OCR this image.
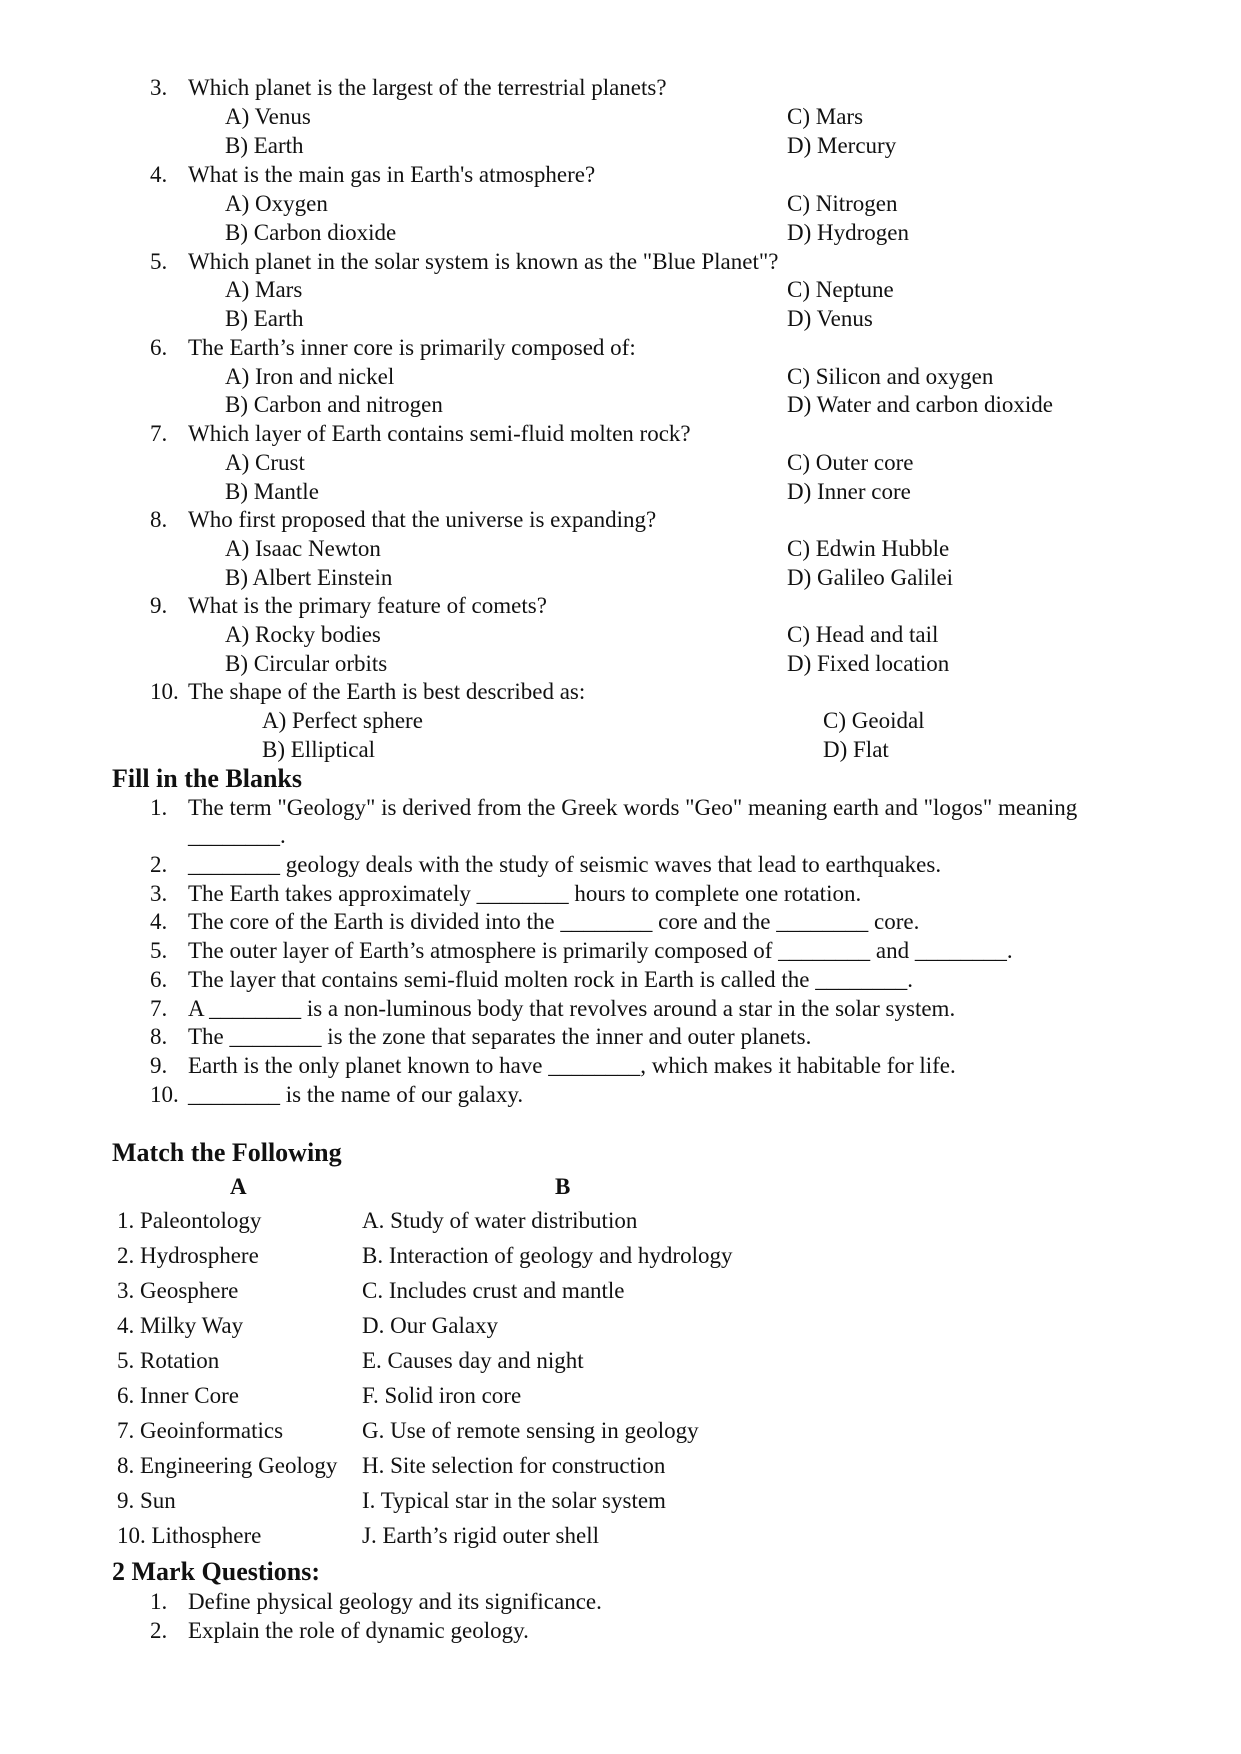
3. Which planet is the largest of the terrestrial planets?
A) Venus	C) Mars
B) Earth	D) Mercury
4. What is the main gas in Earth's atmosphere?
A) Oxygen	C) Nitrogen
B) Carbon dioxide	D) Hydrogen
5. Which planet in the solar system is known as the "Blue Planet"?
A) Mars	C) Neptune
B) Earth	D) Venus
6. The Earth’s inner core is primarily composed of:
A) Iron and nickel	C) Silicon and oxygen
B) Carbon and nitrogen	D) Water and carbon dioxide
7. Which layer of Earth contains semi-fluid molten rock?
A) Crust	C) Outer core
B) Mantle	D) Inner core
8. Who first proposed that the universe is expanding?
A) Isaac Newton	C) Edwin Hubble
B) Albert Einstein	D) Galileo Galilei
9. What is the primary feature of comets?
A) Rocky bodies	C) Head and tail
B) Circular orbits	D) Fixed location
10. The shape of the Earth is best described as:
A) Perfect sphere	C) Geoidal
B) Elliptical	D) Flat
Fill in the Blanks
1. The term "Geology" is derived from the Greek words "Geo" meaning earth and "logos" meaning
________.
2. ________ geology deals with the study of seismic waves that lead to earthquakes.
3. The Earth takes approximately ________ hours to complete one rotation.
4. The core of the Earth is divided into the ________ core and the ________ core.
5. The outer layer of Earth’s atmosphere is primarily composed of ________ and ________.
6. The layer that contains semi-fluid molten rock in Earth is called the ________.
7. A ________ is a non-luminous body that revolves around a star in the solar system.
8. The ________ is the zone that separates the inner and outer planets.
9. Earth is the only planet known to have ________, which makes it habitable for life.
10. ________ is the name of our galaxy.
Match the Following
A	B
1. Paleontology	A. Study of water distribution
2. Hydrosphere	B. Interaction of geology and hydrology
3. Geosphere	C. Includes crust and mantle
4. Milky Way	D. Our Galaxy
5. Rotation	E. Causes day and night
6. Inner Core	F. Solid iron core
7. Geoinformatics	G. Use of remote sensing in geology
8. Engineering Geology H. Site selection for construction
9. Sun	I. Typical star in the solar system
10. Lithosphere	J. Earth’s rigid outer shell
2 Mark Questions:
1. Define physical geology and its significance.
2. Explain the role of dynamic geology.
